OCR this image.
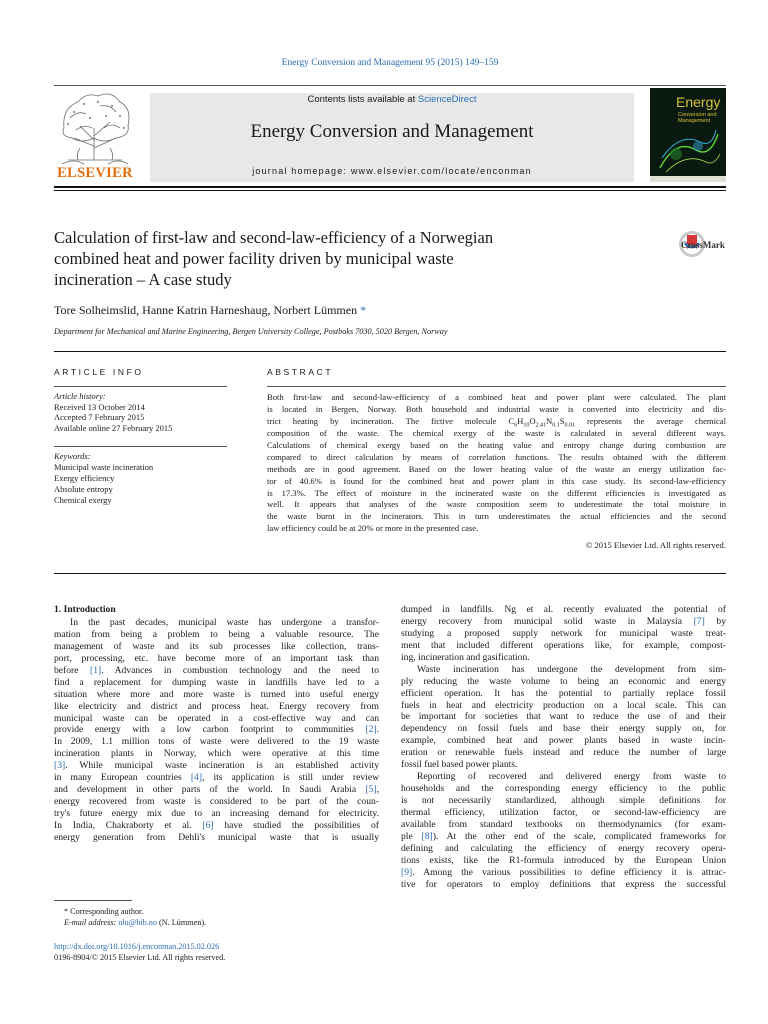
Energy Conversion and Management 95 (2015) 149–159
ELSEVIER
Contents lists available at ScienceDirect
Energy Conversion and Management
journal homepage: www.elsevier.com/locate/enconman
Energy
Conversion and Management
Calculation of first-law and second-law-efficiency of a Norwegian
combined heat and power facility driven by municipal waste
incineration – A case study
CrossMark
Tore Solheimslid, Hanne Katrin Harneshaug, Norbert Lümmen *
Department for Mechanical and Marine Engineering, Bergen University College, Postboks 7030, 5020 Bergen, Norway
ARTICLE INFO
Article history:
Received 13 October 2014
Accepted 7 February 2015
Available online 27 February 2015
Keywords:
Municipal waste incineration
Exergy efficiency
Absolute entropy
Chemical exergy
ABSTRACT
Both first-law and second-law-efficiency of a combined heat and power plant were calculated. The plant
is located in Bergen, Norway. Both household and industrial waste is converted into electricity and dis-
trict heating by incineration. The fictive molecule $C_6H_{10}O_{2.41}N_{0.1}S_{0.01}$ represents the average chemical
composition of the waste. The chemical exergy of the waste is calculated in several different ways.
Calculations of chemical exergy based on the heating value and entropy change during combustion are
compared to direct calculation by means of correlation functions. The results obtained with the different
methods are in good agreement. Based on the lower heating value of the waste an energy utilization fac-
tor of 40.6% is found for the combined heat and power plant in this case study. Its second-law-efficiency
is 17.3%. The effect of moisture in the incinerated waste on the different efficiencies is investigated as
well. It appears that analyses of the waste composition seem to underestimate the total moisture in
the waste burnt in the incinerators. This in turn underestimates the actual efficiencies and the second
law efficiency could be at 20% or more in the presented case.
© 2015 Elsevier Ltd. All rights reserved.
1. Introduction
In the past decades, municipal waste has undergone a transfor-
mation from being a problem to being a valuable resource. The
management of waste and its sub processes like collection, trans-
port, processing, etc. have become more of an important task than
before [1]. Advances in combustion technology and the need to
find a replacement for dumping waste in landfills have led to a
situation where more and more waste is turned into useful energy
like electricity and district and process heat. Energy recovery from
municipal waste can be operated in a cost-effective way and can
provide energy with a low carbon footprint to communities [2].
In 2009, 1.1 million tons of waste were delivered to the 19 waste
incineration plants in Norway, which were operative at this time
[3]. While municipal waste incineration is an established activity
in many European countries [4], its application is still under review
and development in other parts of the world. In Saudi Arabia [5],
energy recovered from waste is considered to be part of the coun-
try's future energy mix due to an increasing demand for electricity.
In India, Chakraborty et al. [6] have studied the possibilities of
energy generation from Dehli's municipal waste that is usually
dumped in landfills. Ng et al. recently evaluated the potential of
energy recovery from municipal solid waste in Malaysia [7] by
studying a proposed supply network for municipal waste treat-
ment that included different operations like, for example, compost-
ing, incineration and gasification.
Waste incineration has undergone the development from sim-
ply reducing the waste volume to being an economic and energy
efficient operation. It has the potential to partially replace fossil
fuels in heat and electricity production on a local scale. This can
be important for societies that want to reduce the use of and their
dependency on fossil fuels and base their energy supply on, for
example, combined heat and power plants based in waste incin-
eration or renewable fuels instead and reduce the number of large
fossil fuel based power plants.
Reporting of recovered and delivered energy from waste to
households and the corresponding energy efficiency to the public
is not necessarily standardized, although simple definitions for
thermal efficiency, utilization factor, or second-law-efficiency are
available from standard textbooks on thermodynamics (for exam-
ple [8]). At the other end of the scale, complicated frameworks for
defining and calculating the efficiency of energy recovery opera-
tions exists, like the R1-formula introduced by the European Union
[9]. Among the various possibilities to define efficiency it is attrac-
tive for operators to employ definitions that express the successful
* Corresponding author.
E-mail address: nlu@hib.no (N. Lümmen).
http://dx.doi.org/10.1016/j.enconman.2015.02.026
0196-8904/© 2015 Elsevier Ltd. All rights reserved.
